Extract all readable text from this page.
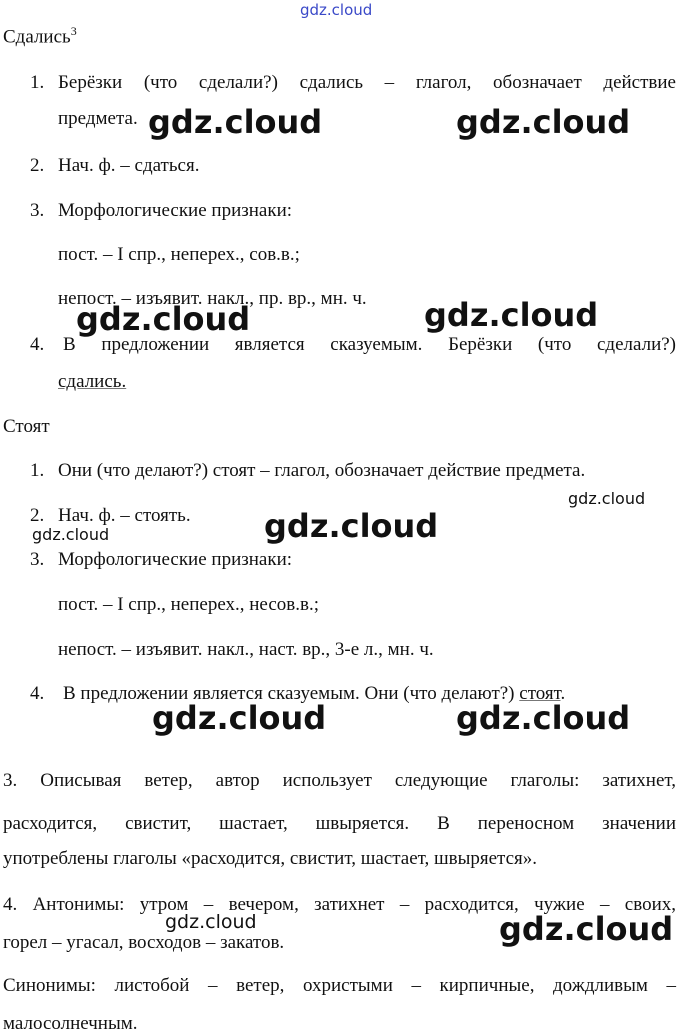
gdz.cloud
Сдались$^3$
1. Берёзки (что сделали?) сдались – глагол, обозначает действие
предмета.
2. Нач. ф. – сдаться.
3. Морфологические признаки:
пост. – I спр., неперех., сов.в.;
непост. – изъявит. накл., пр. вр., мн. ч.
4. В предложении является сказуемым. Берёзки (что сделали?)
сдались.
Стоят
1. Они (что делают?) стоят – глагол, обозначает действие предмета.
2. Нач. ф. – стоять.
3. Морфологические признаки:
пост. – I спр., неперех., несов.в.;
непост. – изъявит. накл., наст. вр., 3-е л., мн. ч.
4. В предложении является сказуемым. Они (что делают?) стоят.
3. Описывая ветер, автор использует следующие глаголы: затихнет,
расходится, свистит, шастает, швыряется. В переносном значении
употреблены глаголы «расходится, свистит, шастает, швыряется».
4. Антонимы: утром – вечером, затихнет – расходится, чужие – своих,
горел – угасал, восходов – закатов.
Синонимы: листобой – ветер, охристыми – кирпичные, дождливым –
малосолнечным.
gdz.cloud	gdz.cloud
gdz.cloud	gdz.cloud
gdz.cloud
gdz.cloud	gdz.cloud
gdz.cloud	gdz.cloud
gdz.cloud	gdz.cloud
